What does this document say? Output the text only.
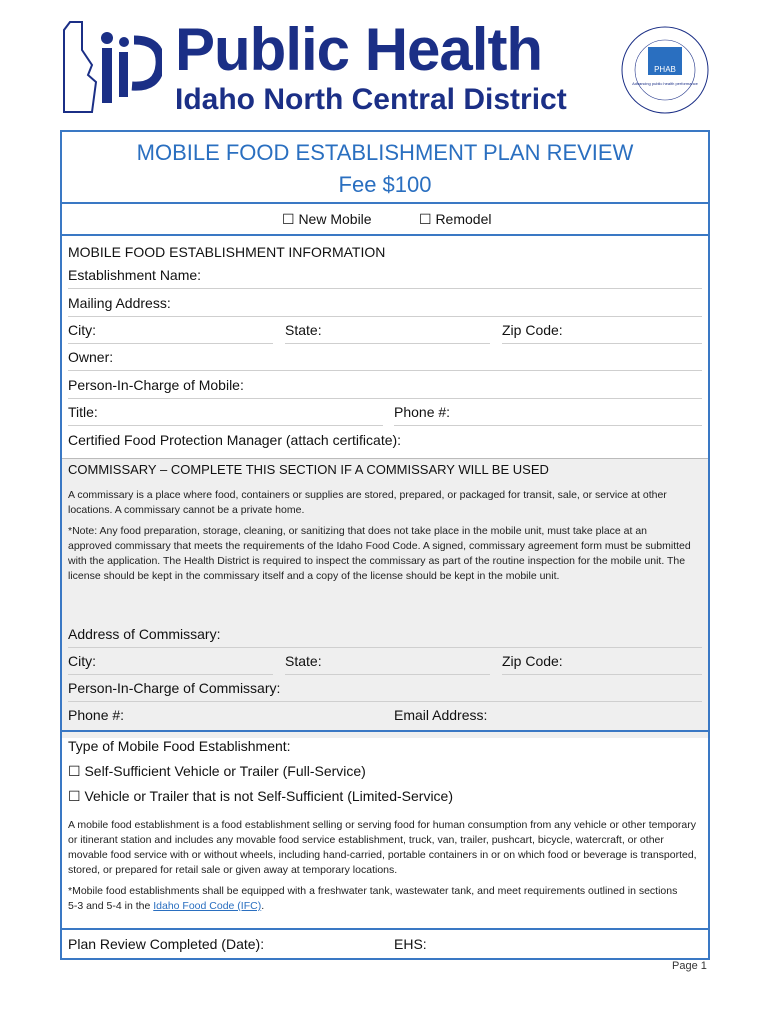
Public Health
Idaho North Central District
PHAB
Advancing public health performance
MOBILE FOOD ESTABLISHMENT PLAN REVIEW
Fee $100
☐ New Mobile	☐ Remodel
MOBILE FOOD ESTABLISHMENT INFORMATION
Establishment Name:
Mailing Address:
City:	State:	Zip Code:
Owner:
Person-In-Charge of Mobile:
Title:	Phone #:
Certified Food Protection Manager (attach certificate):
COMMISSARY – COMPLETE THIS SECTION IF A COMMISSARY WILL BE USED
A commissary is a place where food, containers or supplies are stored, prepared, or packaged for transit, sale, or service at other locations. A commissary cannot be a private home.
*Note: Any food preparation, storage, cleaning, or sanitizing that does not take place in the mobile unit, must take place at an approved commissary that meets the requirements of the Idaho Food Code. A signed, commissary agreement form must be submitted with the application. The Health District is required to inspect the commissary as part of the routine inspection for the mobile unit. The license should be kept in the commissary itself and a copy of the license should be kept in the mobile unit.
Address of Commissary:
City:	State:	Zip Code:
Person-In-Charge of Commissary:
Phone #:	Email Address:
Type of Mobile Food Establishment:
☐ Self-Sufficient Vehicle or Trailer (Full-Service)
☐ Vehicle or Trailer that is not Self-Sufficient (Limited-Service)
A mobile food establishment is a food establishment selling or serving food for human consumption from any vehicle or other temporary or itinerant station and includes any movable food service establishment, truck, van, trailer, pushcart, bicycle, watercraft, or other movable food service with or without wheels, including hand-carried, portable containers in or on which food or beverage is transported, stored, or prepared for retail sale or given away at temporary locations.
*Mobile food establishments shall be equipped with a freshwater tank, wastewater tank, and meet requirements outlined in sections 5-3 and 5-4 in the Idaho Food Code (IFC).
Plan Review Completed (Date):	EHS:
Page 1
